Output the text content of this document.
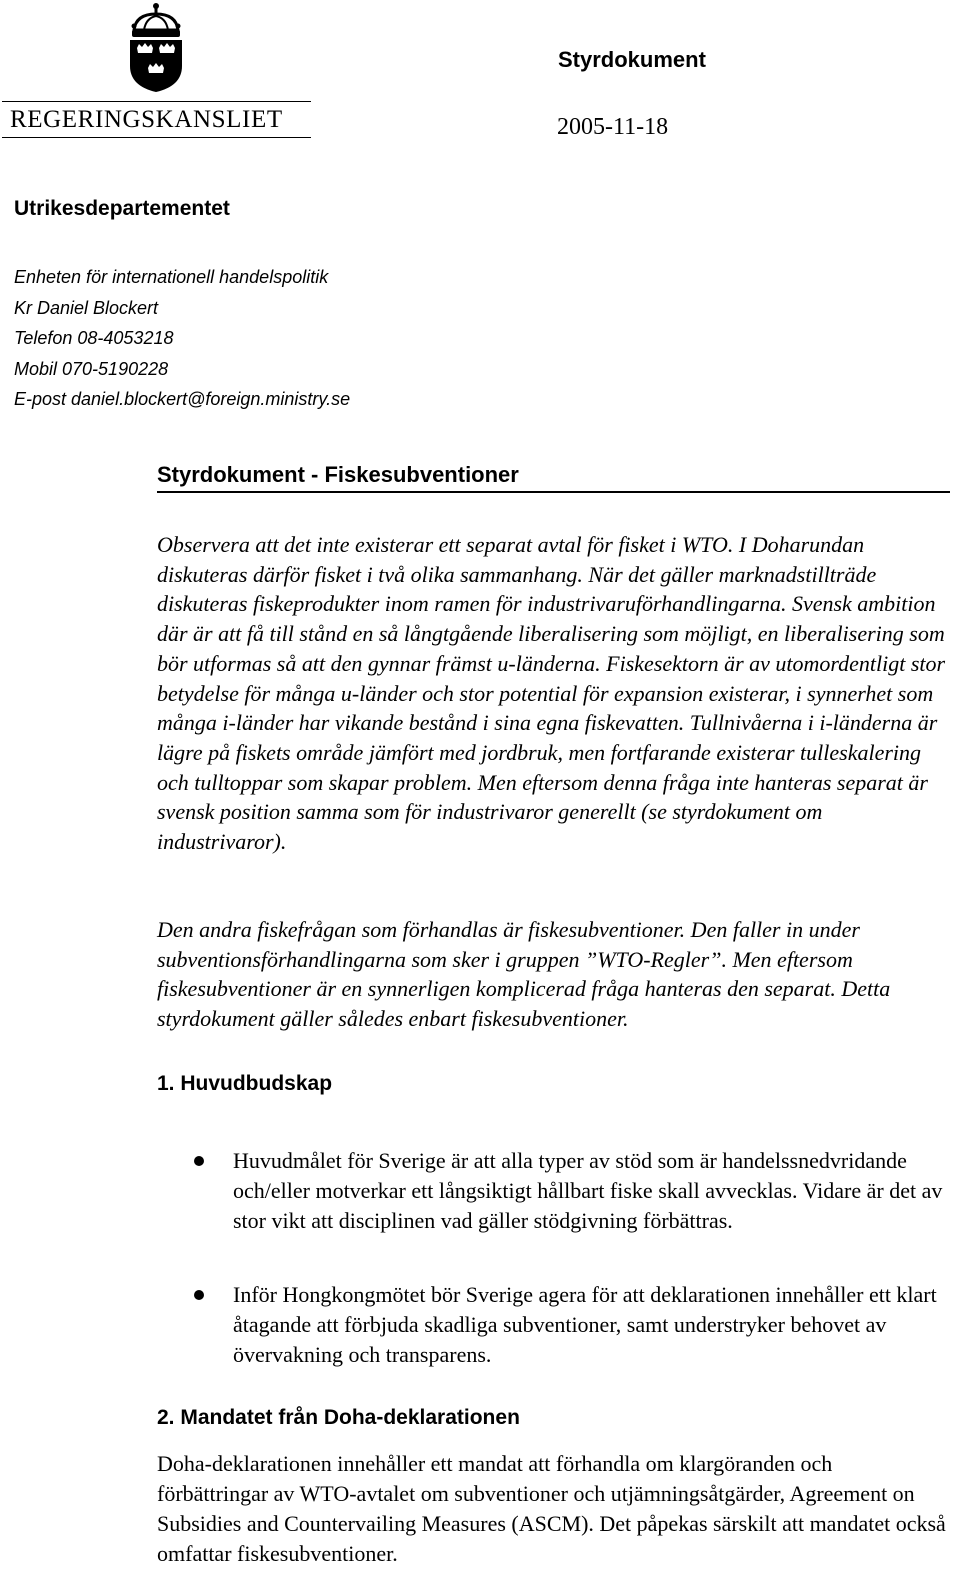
REGERINGSKANSLIET
Styrdokument
2005-11-18
Utrikesdepartementet
Enheten för internationell handelspolitik
Kr Daniel Blockert
Telefon 08-4053218
Mobil 070-5190228
E-post daniel.blockert@foreign.ministry.se
Styrdokument - Fiskesubventioner
Observera att det inte existerar ett separat avtal för fisket i WTO. I Doharundan diskuteras därför fisket i två olika sammanhang. När det gäller marknadstillträde diskuteras fiskeprodukter inom ramen för industrivaruförhandlingarna. Svensk ambition där är att få till stånd en så långtgående liberalisering som möjligt, en liberalisering som bör utformas så att den gynnar främst u-länderna. Fiskesektorn är av utomordentligt stor betydelse för många u-länder och stor potential för expansion existerar, i synnerhet som många i-länder har vikande bestånd i sina egna fiskevatten. Tullnivåerna i i-länderna är lägre på fiskets område jämfört med jordbruk, men fortfarande existerar tulleskalering och tulltoppar som skapar problem. Men eftersom denna fråga inte hanteras separat är svensk position samma som för industrivaror generellt (se styrdokument om industrivaror).
Den andra fiskefrågan som förhandlas är fiskesubventioner. Den faller in under subventionsförhandlingarna som sker i gruppen ”WTO-Regler”. Men eftersom fiskesubventioner är en synnerligen komplicerad fråga hanteras den separat. Detta styrdokument gäller således enbart fiskesubventioner.
1. Huvudbudskap

Huvudmålet för Sverige är att alla typer av stöd som är handelssnedvridande och/eller motverkar ett långsiktigt hållbart fiske skall avvecklas. Vidare är det av stor vikt att disciplinen vad gäller stödgivning förbättras.

Inför Hongkongmötet bör Sverige agera för att deklarationen innehåller ett klart åtagande att förbjuda skadliga subventioner, samt understryker behovet av övervakning och transparens.

2. Mandatet från Doha-deklarationen
Doha-deklarationen innehåller ett mandat att förhandla om klargöranden och förbättringar av WTO-avtalet om subventioner och utjämningsåtgärder, Agreement on Subsidies and Countervailing Measures (ASCM). Det påpekas särskilt att mandatet också omfattar fiskesubventioner.
